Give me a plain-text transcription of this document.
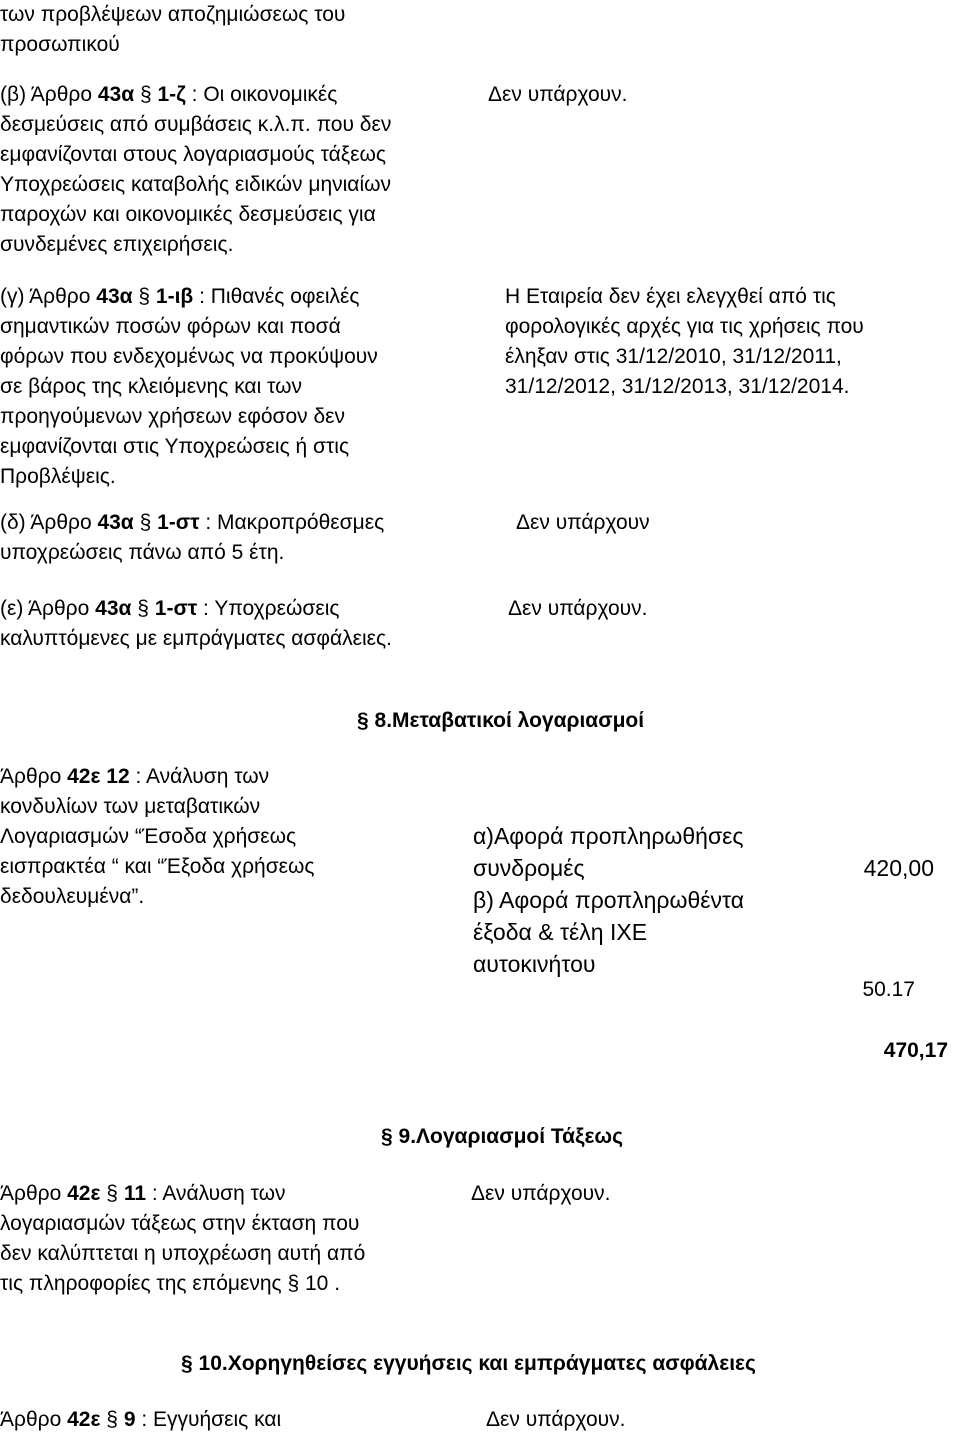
των προβλέψεων αποζημιώσεως του
προσωπικού
(β) Άρθρο 43α § 1-ζ : Οι οικονομικές
δεσμεύσεις από συμβάσεις κ.λ.π. που δεν
εμφανίζονται στους λογαριασμούς τάξεως
Υποχρεώσεις καταβολής ειδικών μηνιαίων
παροχών και οικονομικές δεσμεύσεις για
συνδεμένες επιχειρήσεις.
Δεν υπάρχουν.
(γ) Άρθρο 43α § 1-ιβ : Πιθανές οφειλές
σημαντικών ποσών φόρων και ποσά
φόρων που ενδεχομένως να προκύψουν
σε βάρος της κλειόμενης και των
προηγούμενων χρήσεων εφόσον δεν
εμφανίζονται στις Υποχρεώσεις ή στις
Προβλέψεις.
Η Εταιρεία δεν έχει ελεγχθεί από τις
φορολογικές αρχές για τις χρήσεις που
έληξαν στις 31/12/2010, 31/12/2011,
31/12/2012, 31/12/2013, 31/12/2014.
(δ) Άρθρο 43α § 1-στ : Μακροπρόθεσμες
υποχρεώσεις πάνω από 5 έτη.
Δεν υπάρχουν
(ε) Άρθρο 43α § 1-στ : Υποχρεώσεις
καλυπτόμενες με εμπράγματες ασφάλειες.
Δεν υπάρχουν.
§ 8.Μεταβατικοί λογαριασμοί
Άρθρο 42ε 12 : Ανάλυση των
κονδυλίων των μεταβατικών
Λογαριασμών “Έσοδα χρήσεως
εισπρακτέα “ και “Έξοδα χρήσεως
δεδουλευμένα”.
α)Αφορά προπληρωθήσες
συνδρομές
β) Αφορά προπληρωθέντα
έξοδα & τέλη ΙΧΕ
αυτοκινήτου
420,00
50.17
470,17
§ 9.Λογαριασμοί Τάξεως
Άρθρο 42ε § 11 : Ανάλυση των
λογαριασμών τάξεως στην έκταση που
δεν καλύπτεται η υποχρέωση αυτή από
τις πληροφορίες της επόμενης § 10 .
Δεν υπάρχουν.
§ 10.Χορηγηθείσες εγγυήσεις και εμπράγματες ασφάλειες
Άρθρο 42ε § 9 : Εγγυήσεις και	Δεν υπάρχουν.
